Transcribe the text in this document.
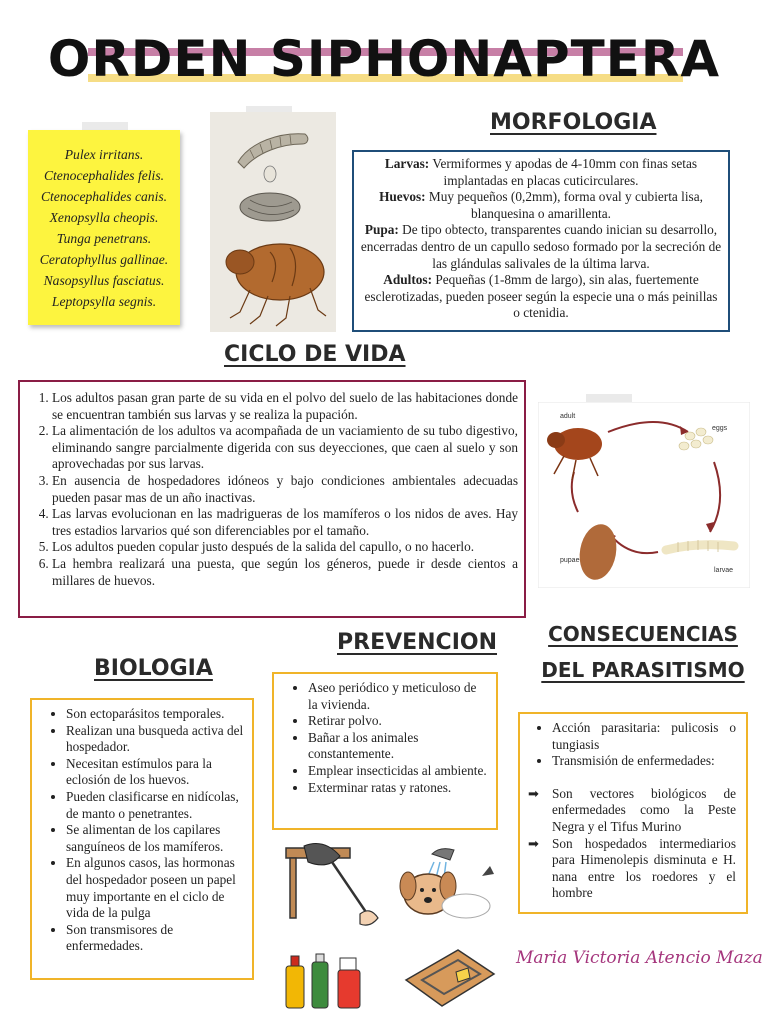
ORDEN SIPHONAPTERA
Pulex irritans.
Ctenocephalides felis.
Ctenocephalides canis.
Xenopsylla cheopis.
Tunga penetrans.
Ceratophyllus gallinae.
Nasopsyllus fasciatus.
Leptopsylla segnis.
MORFOLOGIA
Larvas: Vermiformes y apodas de 4-10mm con finas setas implantadas en placas cuticirculares.
Huevos: Muy pequeños (0,2mm), forma oval y cubierta lisa, blanquesina o amarillenta.
Pupa: De tipo obtecto, transparentes cuando inician su desarrollo, encerradas dentro de un capullo sedoso formado por la secreción de las glándulas salivales de la última larva.
Adultos: Pequeñas (1-8mm de largo), sin alas, fuertemente esclerotizadas, pueden poseer según la especie una o más peinillas o ctenidia.
CICLO DE VIDA
1. Los adultos pasan gran parte de su vida en el polvo del suelo de las habitaciones donde se encuentran también sus larvas y se realiza la pupación.
2. La alimentación de los adultos va acompañada de un vaciamiento de su tubo digestivo, eliminando sangre parcialmente digerida con sus deyecciones, que caen al suelo y son aprovechadas por sus larvas.
3. En ausencia de hospedadores idóneos y bajo condiciones ambientales adecuadas pueden pasar mas de un año inactivas.
4. Las larvas evolucionan en las madrigueras de los mamíferos o los nidos de aves. Hay tres estadios larvarios qué son diferenciables por el tamaño.
5. Los adultos pueden copular justo después de la salida del capullo, o no hacerlo.
6. La hembra realizará una puesta, que según los géneros, puede ir desde cientos a millares de huevos.
adult
eggs
pupae
larvae
CONSECUENCIAS
DEL PARASITISMO
PREVENCION
• Aseo periódico y meticuloso de la vivienda.
• Retirar polvo.
• Bañar a los animales constantemente.
• Emplear insecticidas al ambiente.
• Exterminar ratas y ratones.
BIOLOGIA
• Son ectoparásitos temporales.
• Realizan una busqueda activa del hospedador.
• Necesitan estímulos para la eclosión de los huevos.
• Pueden clasificarse en nidícolas, de manto o penetrantes.
• Se alimentan de los capilares sanguíneos de los mamíferos.
• En algunos casos, las hormonas del hospedador poseen un papel muy importante en el ciclo de vida de la pulga
• Son transmisores de enfermedades.
• Acción parasitaria: pulicosis o tungiasis
• Transmisión de enfermedades:
➡ Son vectores biológicos de enfermedades como la Peste Negra y el Tifus Murino
➡ Son hospedados intermediarios para Himenolepis disminuta e H. nana entre los roedores y el hombre
Maria Victoria Atencio Maza
